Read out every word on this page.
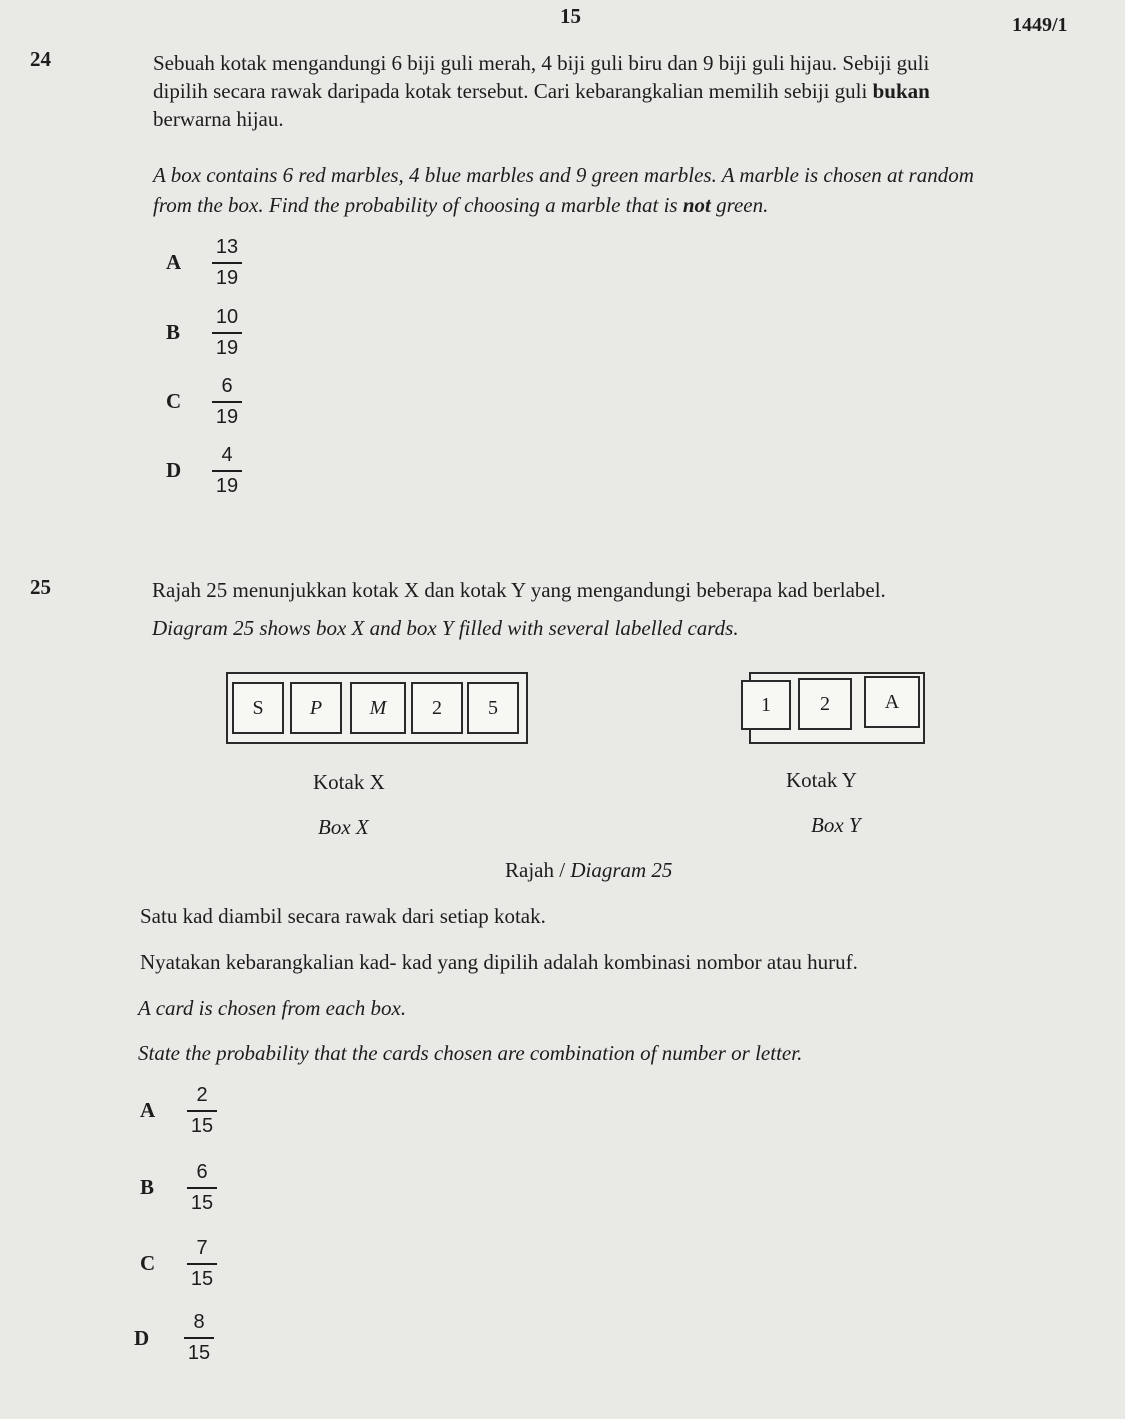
15	1449/1
24	Sebuah kotak mengandungi 6 biji guli merah, 4 biji guli biru dan 9 biji guli hijau. Sebiji guli
dipilih secara rawak daripada kotak tersebut. Cari kebarangkalian memilih sebiji guli bukan
berwarna hijau.
A box contains 6 red marbles, 4 blue marbles and 9 green marbles. A marble is chosen at random
from the box. Find the probability of choosing a marble that is not green.
A
13
19
B
10
19
C
6
19
D
4
19
25	Rajah 25 menunjukkan kotak X dan kotak Y yang mengandungi beberapa kad berlabel.
Diagram 25 shows box X and box Y filled with several labelled cards.
S	P	M	2	5	1	2	A
Kotak X	Kotak Y
Box X	Box Y
Rajah / Diagram 25
Satu kad diambil secara rawak dari setiap kotak.
Nyatakan kebarangkalian kad- kad yang dipilih adalah kombinasi nombor atau huruf.
A card is chosen from each box.
State the probability that the cards chosen are combination of number or letter.
A
2
15
B
6
15
C
7
15
D
8
15
